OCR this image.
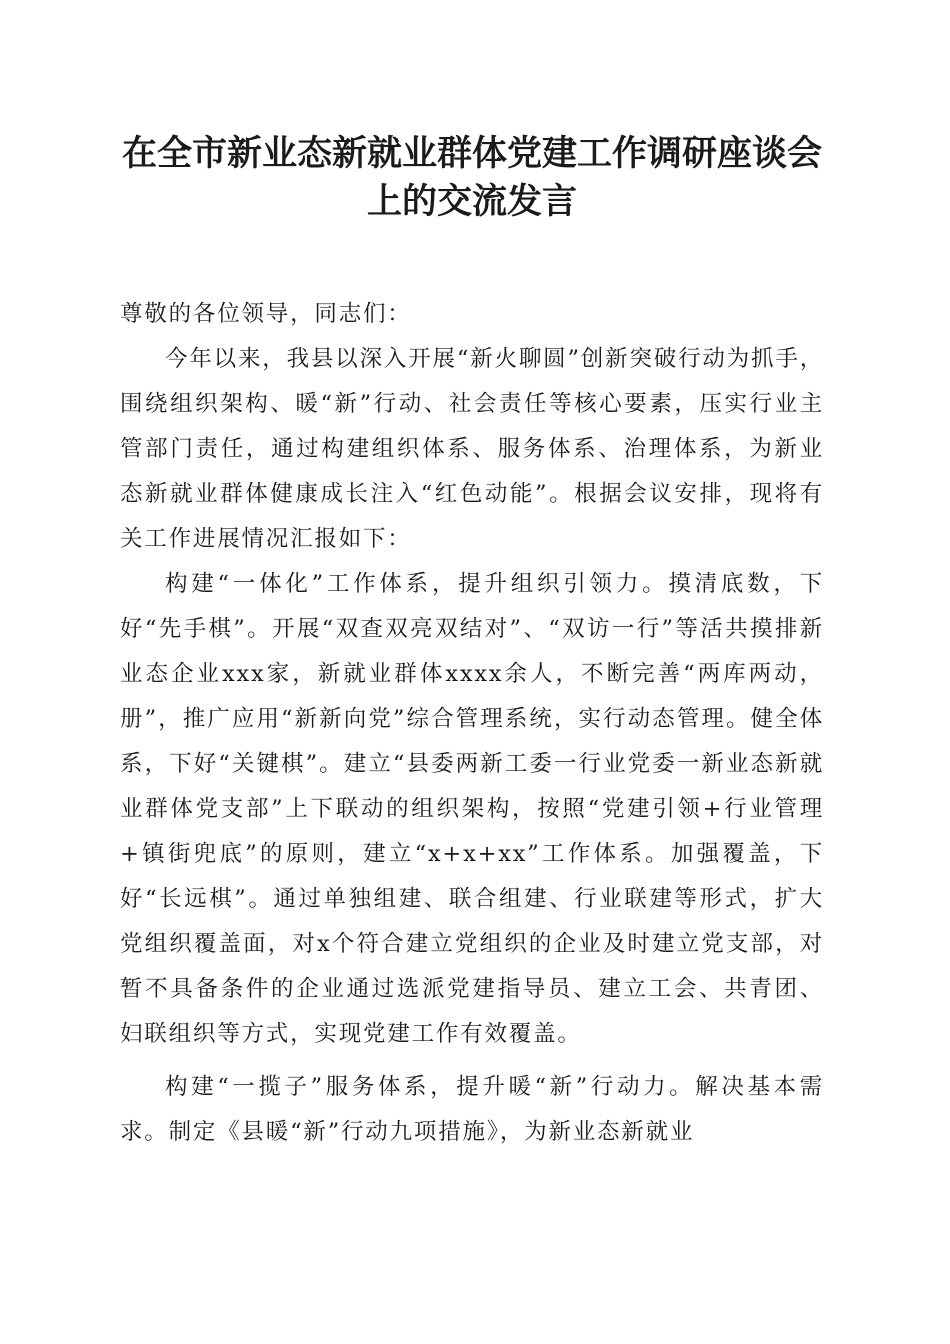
在全市新业态新就业群体党建工作调研座谈会
上的交流发言

尊敬的各位领导，同志们：

今年以来，我县以深入开展“新火聊圆”创新突破行动为抓手，围绕组织架构、暖“新”行动、社会责任等核心要素，压实行业主管部门责任，通过构建组织体系、服务体系、治理体系，为新业态新就业群体健康成长注入“红色动能”。根据会议安排，现将有关工作进展情况汇报如下：

构建“一体化”工作体系，提升组织引领力。摸清底数，下好“先手棋”。开展“双查双亮双结对”、“双访一行”等活共摸排新业态企业xxx家，新就业群体xxxx余人，不断完善“两库两动，册”，推广应用“新新向党”综合管理系统，实行动态管理。健全体系，下好“关键棋”。建立“县委两新工委一行业党委一新业态新就业群体党支部”上下联动的组织架构，按照“党建引领+行业管理+镇街兜底”的原则，建立“x+x+xx”工作体系。加强覆盖，下好“长远棋”。通过单独组建、联合组建、行业联建等形式，扩大党组织覆盖面，对x个符合建立党组织的企业及时建立党支部，对暂不具备条件的企业通过选派党建指导员、建立工会、共青团、妇联组织等方式，实现党建工作有效覆盖。

构建“一揽子”服务体系，提升暖“新”行动力。解决基本需求。制定《县暖“新”行动九项措施》，为新业态新就业
